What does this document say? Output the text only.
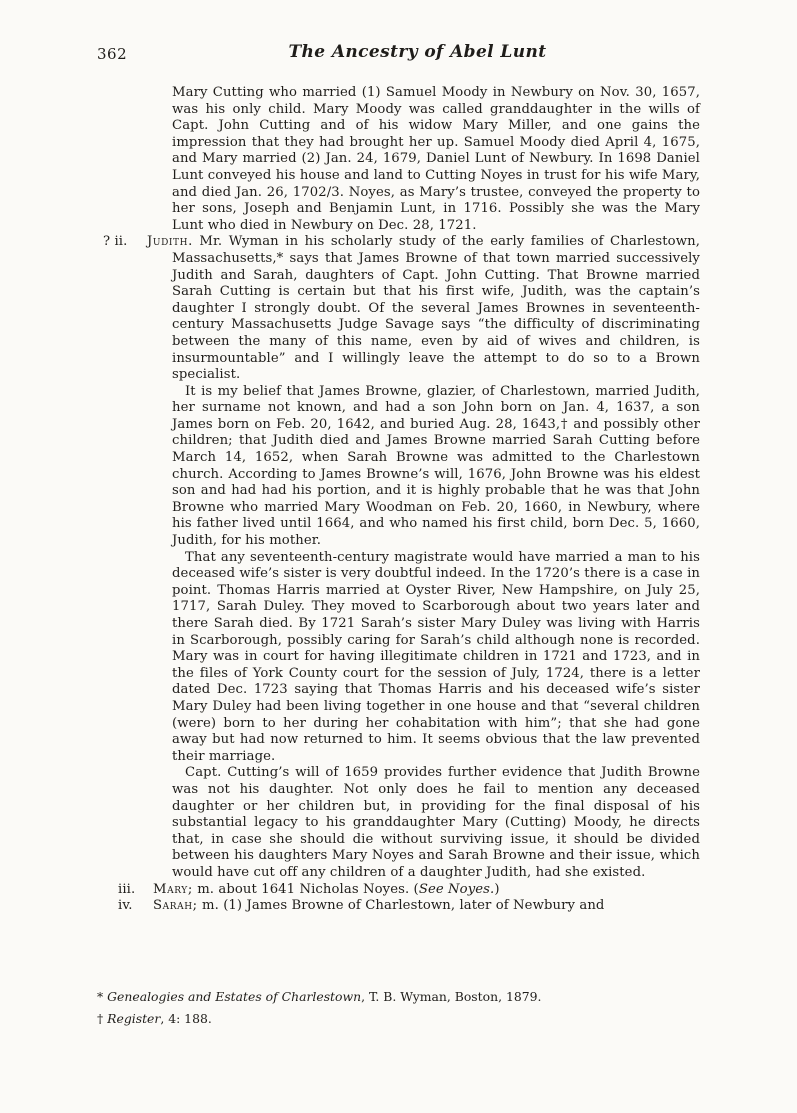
362	The Ancestry of Abel Lunt

Mary Cutting who married (1) Samuel Moody in Newbury on Nov. 30, 1657, was his only child. Mary Moody was called granddaughter in the wills of Capt. John Cutting and of his widow Mary Miller, and one gains the impression that they had brought her up. Samuel Moody died April 4, 1675, and Mary married (2) Jan. 24, 1679, Daniel Lunt of Newbury. In 1698 Daniel Lunt conveyed his house and land to Cutting Noyes in trust for his wife Mary, and died Jan. 26, 1702/3. Noyes, as Mary’s trustee, conveyed the property to her sons, Joseph and Benjamin Lunt, in 1716. Possibly she was the Mary Lunt who died in Newbury on Dec. 28, 1721.

? ii. Judith. Mr. Wyman in his scholarly study of the early families of Charlestown, Massachusetts,* says that James Browne of that town married successively Judith and Sarah, daughters of Capt. John Cutting. That Browne married Sarah Cutting is certain but that his first wife, Judith, was the captain’s daughter I strongly doubt. Of the several James Brownes in seventeenth-century Massachusetts Judge Savage says “the difficulty of discriminating between the many of this name, even by aid of wives and children, is insurmountable” and I willingly leave the attempt to do so to a Brown specialist.

It is my belief that James Browne, glazier, of Charlestown, married Judith, her surname not known, and had a son John born on Jan. 4, 1637, a son James born on Feb. 20, 1642, and buried Aug. 28, 1643,† and possibly other children; that Judith died and James Browne married Sarah Cutting before March 14, 1652, when Sarah Browne was admitted to the Charlestown church. According to James Browne’s will, 1676, John Browne was his eldest son and had had his portion, and it is highly probable that he was that John Browne who married Mary Woodman on Feb. 20, 1660, in Newbury, where his father lived until 1664, and who named his first child, born Dec. 5, 1660, Judith, for his mother.

That any seventeenth-century magistrate would have married a man to his deceased wife’s sister is very doubtful indeed. In the 1720’s there is a case in point. Thomas Harris married at Oyster River, New Hampshire, on July 25, 1717, Sarah Duley. They moved to Scarborough about two years later and there Sarah died. By 1721 Sarah’s sister Mary Duley was living with Harris in Scarborough, possibly caring for Sarah’s child although none is recorded. Mary was in court for having illegitimate children in 1721 and 1723, and in the files of York County court for the session of July, 1724, there is a letter dated Dec. 1723 saying that Thomas Harris and his deceased wife’s sister Mary Duley had been living together in one house and that “several children (were) born to her during her cohabitation with him”; that she had gone away but had now returned to him. It seems obvious that the law prevented their marriage.

Capt. Cutting’s will of 1659 provides further evidence that Judith Browne was not his daughter. Not only does he fail to mention any deceased daughter or her children but, in providing for the final disposal of his substantial legacy to his granddaughter Mary (Cutting) Moody, he directs that, in case she should die without surviving issue, it should be divided between his daughters Mary Noyes and Sarah Browne and their issue, which would have cut off any children of a daughter Judith, had she existed.

iii. Mary; m. about 1641 Nicholas Noyes. (See Noyes.)

iv. Sarah; m. (1) James Browne of Charlestown, later of Newbury and

* Genealogies and Estates of Charlestown, T. B. Wyman, Boston, 1879.

† Register, 4: 188.
